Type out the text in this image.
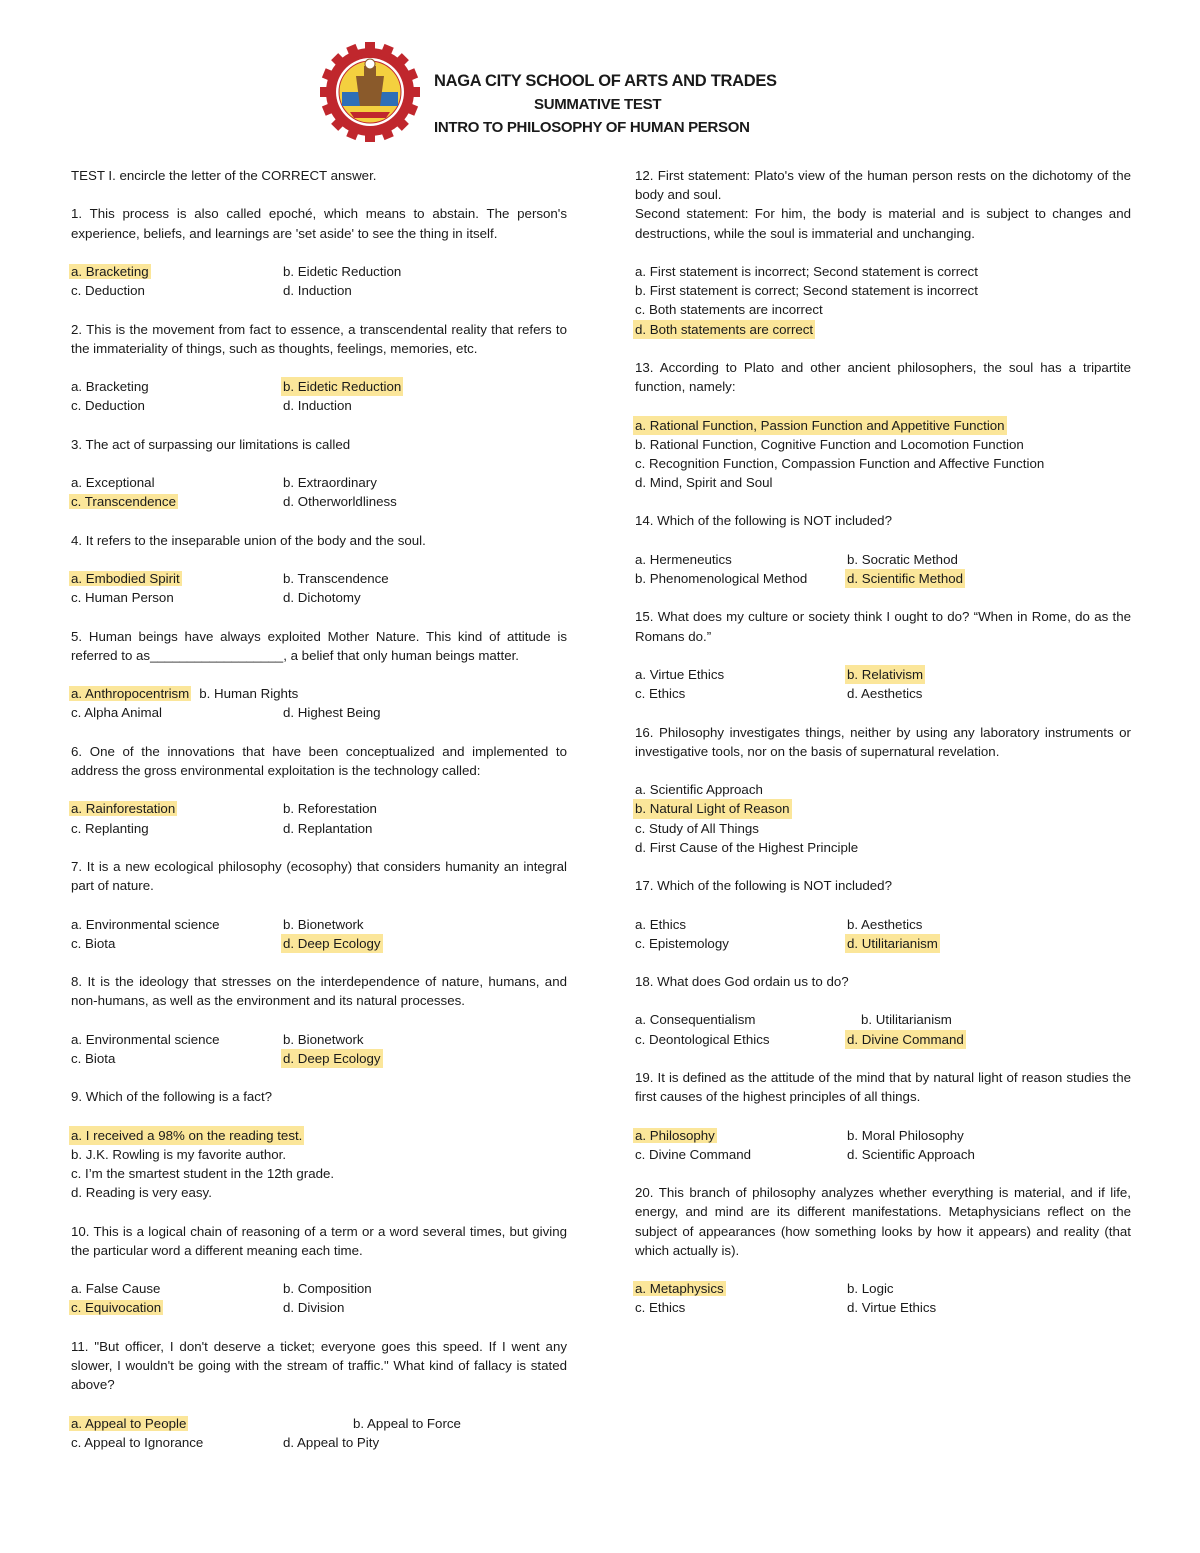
NAGA CITY SCHOOL OF ARTS AND TRADES
SUMMATIVE TEST
INTRO TO PHILOSOPHY OF HUMAN PERSON
TEST I. encircle the letter of the CORRECT answer.
1. This process is also called epoché, which means to abstain. The person's experience, beliefs, and learnings are 'set aside' to see the thing in itself.
a. Bracketing	b. Eidetic Reduction
c. Deduction	d. Induction
2. This is the movement from fact to essence, a transcendental reality that refers to the immateriality of things, such as thoughts, feelings, memories, etc.
a. Bracketing	b. Eidetic Reduction
c. Deduction	d. Induction
3. The act of surpassing our limitations is called
a. Exceptional	b. Extraordinary
c. Transcendence	d. Otherworldliness
4. It refers to the inseparable union of the body and the soul.
a. Embodied Spirit	b. Transcendence
c. Human Person	d. Dichotomy
5. Human beings have always exploited Mother Nature. This kind of attitude is referred to as__________________, a belief that only human beings matter.
a. Anthropocentrism b. Human Rights
c. Alpha Animal	d. Highest Being
6. One of the innovations that have been conceptualized and implemented to address the gross environmental exploitation is the technology called:
a. Rainforestation	b. Reforestation
c. Replanting	d. Replantation
7. It is a new ecological philosophy (ecosophy) that considers humanity an integral part of nature.
a. Environmental science	b. Bionetwork
c. Biota	d. Deep Ecology
8. It is the ideology that stresses on the interdependence of nature, humans, and non-humans, as well as the environment and its natural processes.
a. Environmental science	b. Bionetwork
c. Biota	d. Deep Ecology
9. Which of the following is a fact?
a. I received a 98% on the reading test.
b. J.K. Rowling is my favorite author.
c. I’m the smartest student in the 12th grade.
d. Reading is very easy.
10. This is a logical chain of reasoning of a term or a word several times, but giving the particular word a different meaning each time.
a. False Cause	b. Composition
c. Equivocation	d. Division
11. "But officer, I don't deserve a ticket; everyone goes this speed. If I went any slower, I wouldn't be going with the stream of traffic." What kind of fallacy is stated above?
a. Appeal to People	b. Appeal to Force
c. Appeal to Ignorance	d. Appeal to Pity
12. First statement: Plato's view of the human person rests on the dichotomy of the body and soul.
Second statement: For him, the body is material and is subject to changes and destructions, while the soul is immaterial and unchanging.
a. First statement is incorrect; Second statement is correct
b. First statement is correct; Second statement is incorrect
c. Both statements are incorrect
d. Both statements are correct
13. According to Plato and other ancient philosophers, the soul has a tripartite function, namely:
a. Rational Function, Passion Function and Appetitive Function
b. Rational Function, Cognitive Function and Locomotion Function
c. Recognition Function, Compassion Function and Affective Function
d. Mind, Spirit and Soul
14. Which of the following is NOT included?
a. Hermeneutics	b. Socratic Method
b. Phenomenological Method	d. Scientific Method
15. What does my culture or society think I ought to do? “When in Rome, do as the Romans do.”
a. Virtue Ethics	b. Relativism
c. Ethics	d. Aesthetics
16. Philosophy investigates things, neither by using any laboratory instruments or investigative tools, nor on the basis of supernatural revelation.
a. Scientific Approach
b. Natural Light of Reason
c. Study of All Things
d. First Cause of the Highest Principle
17. Which of the following is NOT included?
a. Ethics	b. Aesthetics
c. Epistemology	d. Utilitarianism
18. What does God ordain us to do?
a. Consequentialism	b. Utilitarianism
c. Deontological Ethics	d. Divine Command
19. It is defined as the attitude of the mind that by natural light of reason studies the first causes of the highest principles of all things.
a. Philosophy	b. Moral Philosophy
c. Divine Command	d. Scientific Approach
20. This branch of philosophy analyzes whether everything is material, and if life, energy, and mind are its different manifestations. Metaphysicians reflect on the subject of appearances (how something looks by how it appears) and reality (that which actually is).
a. Metaphysics	b. Logic
c. Ethics	d. Virtue Ethics
